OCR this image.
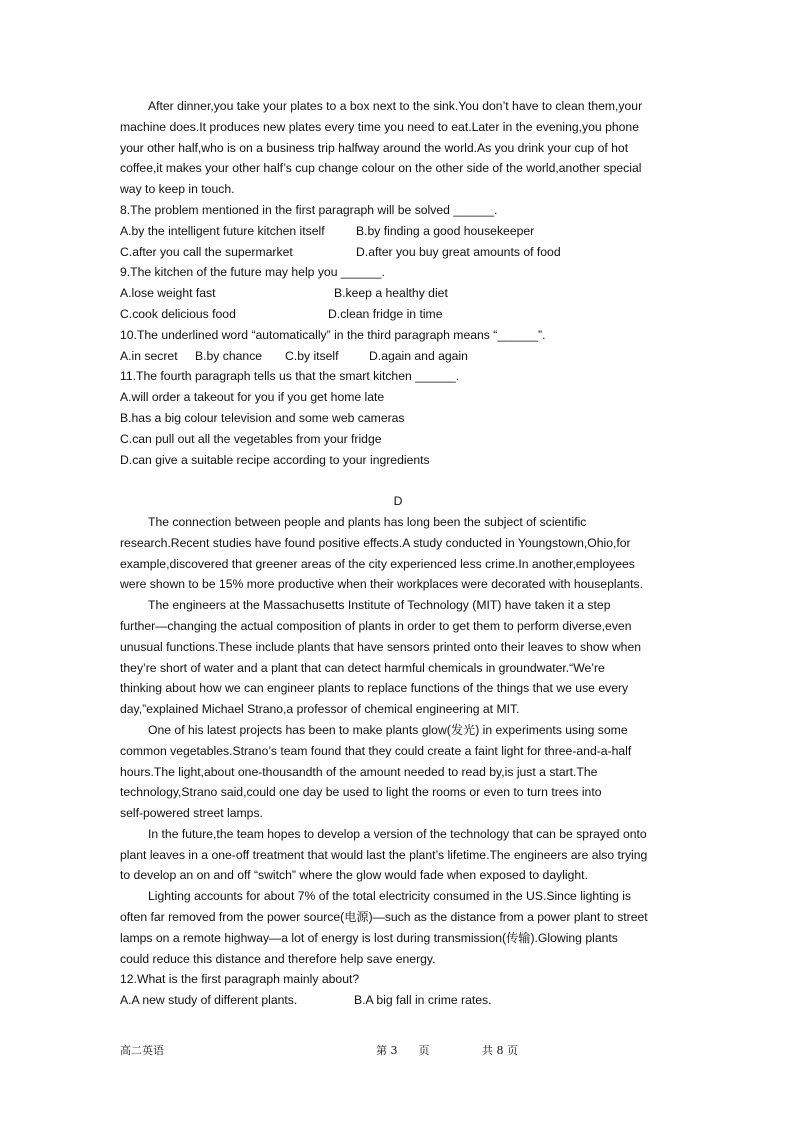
After dinner,you take your plates to a box next to the sink.You don’t have to clean them,your
machine does.It produces new plates every time you need to eat.Later in the evening,you phone
your other half,who is on a business trip halfway around the world.As you drink your cup of hot
coffee,it makes your other half’s cup change colour on the other side of the world,another special
way to keep in touch.
8.The problem mentioned in the first paragraph will be solved ______.
A.by the intelligent future kitchen itself	B.by finding a good housekeeper
C.after you call the supermarket	D.after you buy great amounts of food
9.The kitchen of the future may help you ______.
A.lose weight fast	B.keep a healthy diet
C.cook delicious food	D.clean fridge in time
10.The underlined word “automatically” in the third paragraph means “______”.
A.in secret B.by chance C.by itself D.again and again
11.The fourth paragraph tells us that the smart kitchen ______.
A.will order a takeout for you if you get home late
B.has a big colour television and some web cameras
C.can pull out all the vegetables from your fridge
D.can give a suitable recipe according to your ingredients
D
The connection between people and plants has long been the subject of scientific
research.Recent studies have found positive effects.A study conducted in Youngstown,Ohio,for
example,discovered that greener areas of the city experienced less crime.In another,employees
were shown to be 15% more productive when their workplaces were decorated with houseplants.
The engineers at the Massachusetts Institute of Technology (MIT) have taken it a step
further—changing the actual composition of plants in order to get them to perform diverse,even
unusual functions.These include plants that have sensors printed onto their leaves to show when
they’re short of water and a plant that can detect harmful chemicals in groundwater.“We’re
thinking about how we can engineer plants to replace functions of the things that we use every
day,”explained Michael Strano,a professor of chemical engineering at MIT.
One of his latest projects has been to make plants glow(发光) in experiments using some
common vegetables.Strano’s team found that they could create a faint light for three-and-a-half
hours.The light,about one-thousandth of the amount needed to read by,is just a start.The
technology,Strano said,could one day be used to light the rooms or even to turn trees into
self-powered street lamps.
In the future,the team hopes to develop a version of the technology that can be sprayed onto
plant leaves in a one-off treatment that would last the plant’s lifetime.The engineers are also trying
to develop an on and off “switch” where the glow would fade when exposed to daylight.
Lighting accounts for about 7% of the total electricity consumed in the US.Since lighting is
often far removed from the power source(电源)—such as the distance from a power plant to street
lamps on a remote highway—a lot of energy is lost during transmission(传输).Glowing plants
could reduce this distance and therefore help save energy.
12.What is the first paragraph mainly about?
A.A new study of different plants.	B.A big fall in crime rates.
高二英语	第 3      页	共 8 页
